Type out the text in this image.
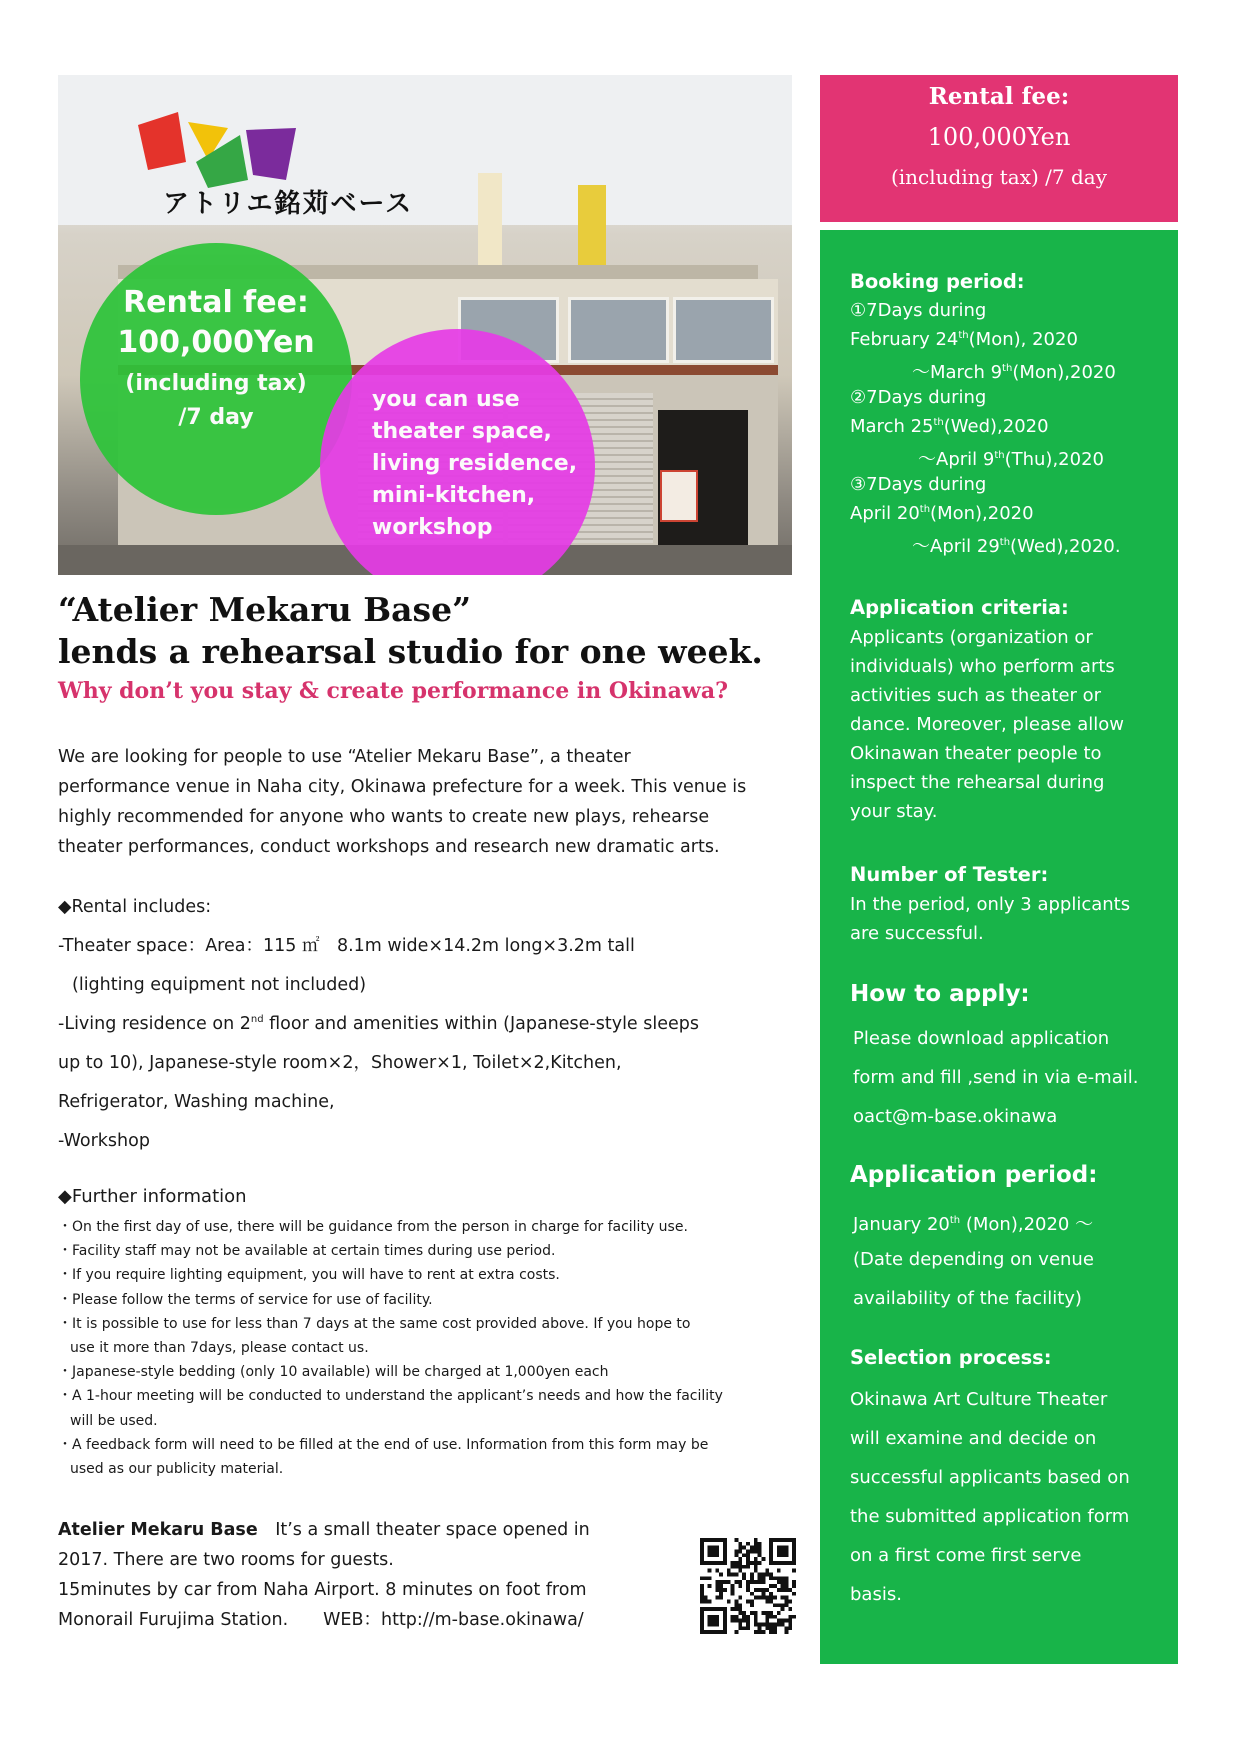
アトリエ銘苅ベース
Rental fee:
100,000Yen
(including tax)
/7 day
you can use
theater space,
living residence,
mini-kitchen,
workshop
“Atelier Mekaru Base”
lends a rehearsal studio for one week.
Why don’t you stay & create performance in Okinawa?
We are looking for people to use “Atelier Mekaru Base”, a theater
performance venue in Naha city, Okinawa prefecture for a week. This venue is
highly recommended for anyone who wants to create new plays, rehearse
theater performances, conduct workshops and research new dramatic arts.
◆Rental includes:
-Theater space：Area：115 ㎡　8.1m wide×14.2m long×3.2m tall
(lighting equipment not included)
-Living residence on 2nd floor and amenities within (Japanese-style sleeps
up to 10), Japanese-style room×2，Shower×1, Toilet×2,Kitchen,
Refrigerator, Washing machine,
-Workshop
◆Further information
・On the first day of use, there will be guidance from the person in charge for facility use.
・Facility staff may not be available at certain times during use period.
・If you require lighting equipment, you will have to rent at extra costs.
・Please follow the terms of service for use of facility.
・It is possible to use for less than 7 days at the same cost provided above. If you hope to
use it more than 7days, please contact us.
・Japanese-style bedding (only 10 available) will be charged at 1,000yen each
・A 1-hour meeting will be conducted to understand the applicant’s needs and how the facility
will be used.
・A feedback form will need to be filled at the end of use. Information from this form may be
used as our publicity material.
Atelier Mekaru Base　It’s a small theater space opened in
2017. There are two rooms for guests.
15minutes by car from Naha Airport. 8 minutes on foot from
Monorail Furujima Station.　　WEB：http://m-base.okinawa/
Rental fee:
100,000Yen
(including tax) /7 day
Booking period:
①7Days during
February 24th(Mon), 2020
～March 9th(Mon),2020
②7Days during
March 25th(Wed),2020
～April 9th(Thu),2020
③7Days during
April 20th(Mon),2020
～April 29th(Wed),2020.
Application criteria:
Applicants (organization or
individuals) who perform arts
activities such as theater or
dance. Moreover, please allow
Okinawan theater people to
inspect the rehearsal during
your stay.
Number of Tester:
In the period, only 3 applicants
are successful.
How to apply:
Please download application
form and fill ,send in via e-mail.
oact@m-base.okinawa
Application period:
January 20th (Mon),2020 ～
(Date depending on venue
availability of the facility)
Selection process:
Okinawa Art Culture Theater
will examine and decide on
successful applicants based on
the submitted application form
on a first come first serve
basis.
